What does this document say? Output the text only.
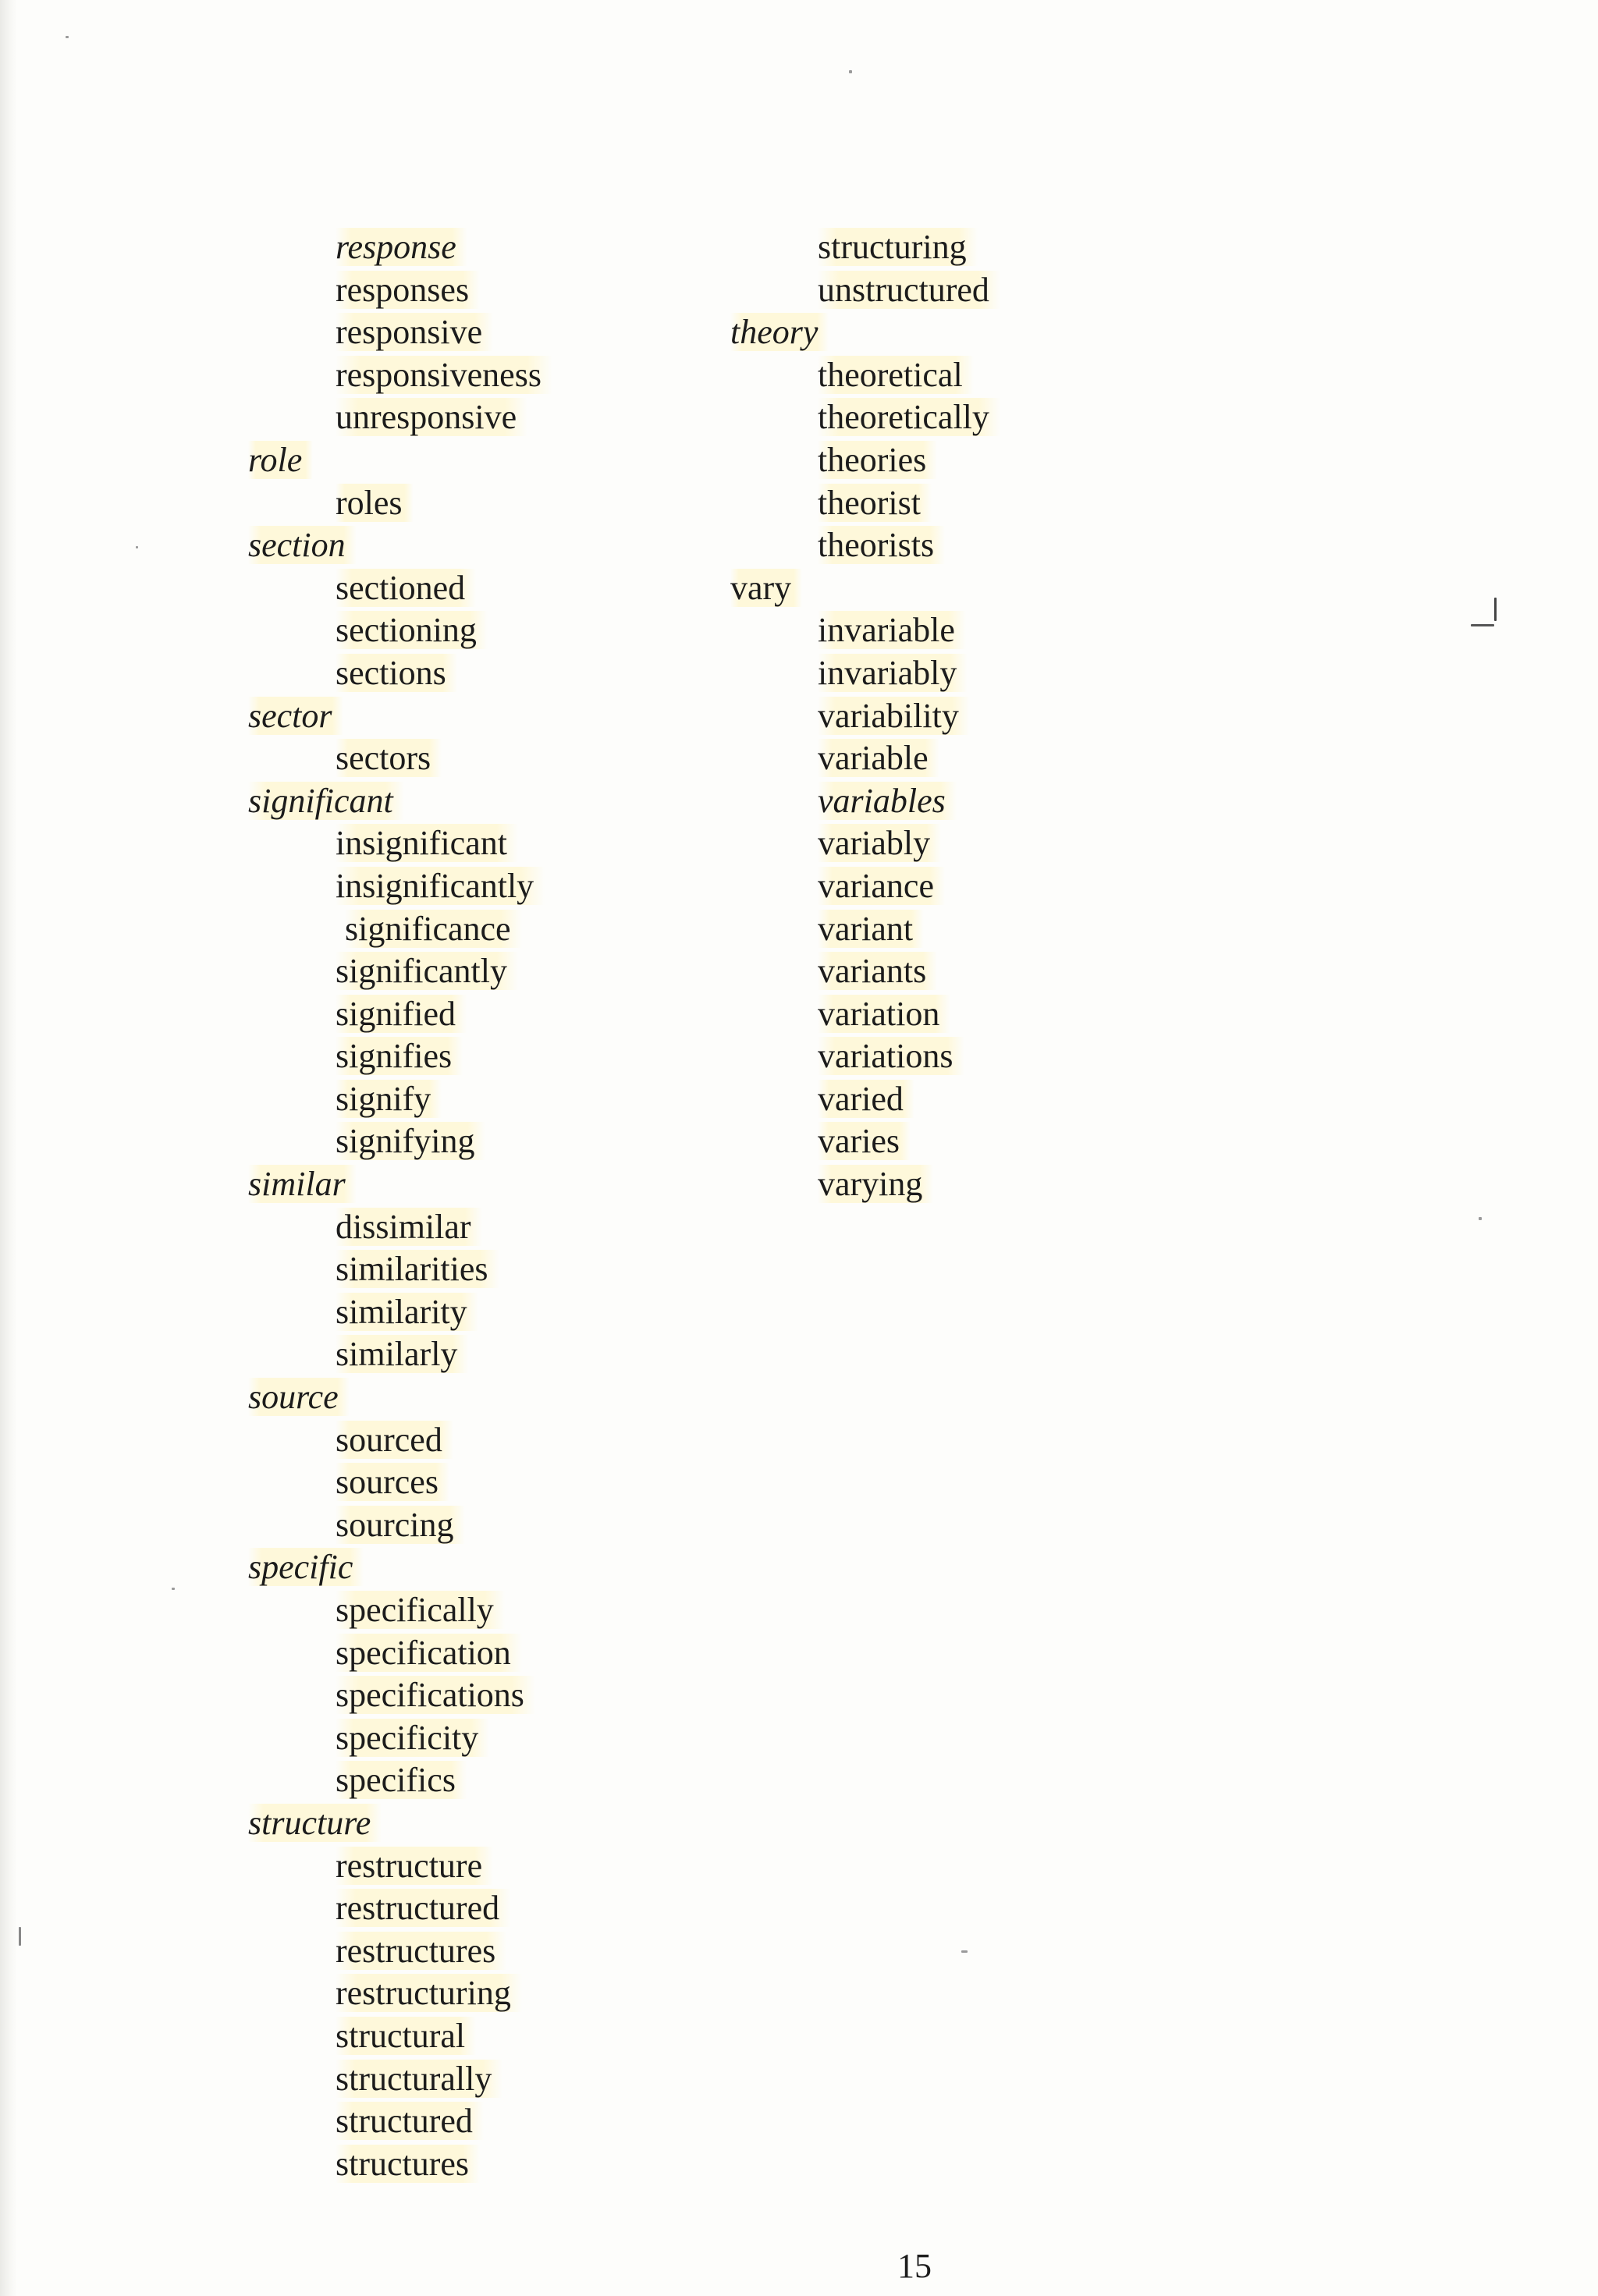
response
responses
responsive
responsiveness
unresponsive
role
roles
section
sectioned
sectioning
sections
sector
sectors
significant
insignificant
insignificantly
significance
significantly
signified
signifies
signify
signifying
similar
dissimilar
similarities
similarity
similarly
source
sourced
sources
sourcing
specific
specifically
specification
specifications
specificity
specifics
structure
restructure
restructured
restructures
restructuring
structural
structurally
structured
structures
structuring
unstructured
theory
theoretical
theoretically
theories
theorist
theorists
vary
invariable
invariably
variability
variable
variables
variably
variance
variant
variants
variation
variations
varied
varies
varying
15
